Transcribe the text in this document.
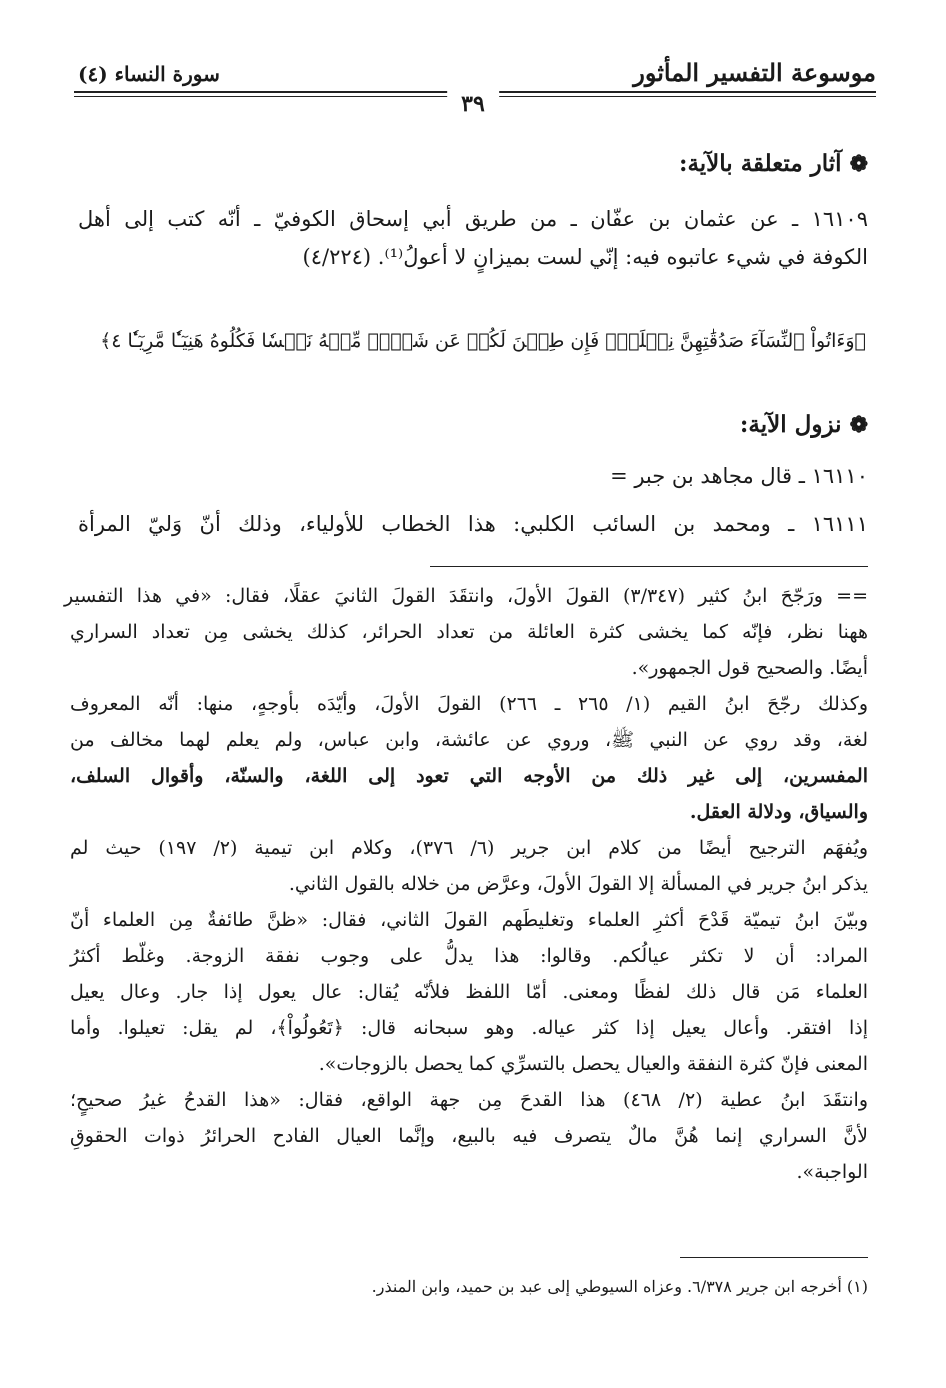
موسوعة التفسير المأثور
سورة النساء (٤)
٣٩
❁آثار متعلقة بالآية:
١٦١٠٩ ـ عن عثمان بن عفّان ـ من طريق أبي إسحاق الكوفيّ ـ أنّه كتب إلى أهل
الكوفة في شيء عاتبوه فيه: إنّي لست بميزانٍ لا أعولُ⁽¹⁾. (٤/٢٢٤)
﴿وَءَاتُواْ ٱلنِّسَآءَ صَدُقَٰتِهِنَّ نِحۡلَةٗۚ فَإِن طِبۡنَ لَكُمۡ عَن شَيۡءٖ مِّنۡهُ نَفۡسٗا فَكُلُوهُ هَنِيٓـٔٗا مَّرِيٓـٔٗا ٤﴾
❁نزول الآية:
١٦١١٠ ـ قال مجاهد بن جبر =
١٦١١١ ـ ومحمد بن السائب الكلبي: هذا الخطاب للأولياء، وذلك أنّ وَليّ المرأة
== ورَجّحَ ابنُ كثير (٣/٣٤٧) القولَ الأولَ، وانتقَدَ القولَ الثانيَ عقلًا، فقال: «في هذا التفسير
ههنا نظر، فإنّه كما يخشى كثرة العائلة من تعداد الحرائر، كذلك يخشى مِن تعداد السراري
أيضًا. والصحيح قول الجمهور».
وكذلك رجّحَ ابنُ القيم (١/ ٢٦٥ ـ ٢٦٦) القولَ الأولَ، وأيّدَه بأوجهٍ، منها: أنّه المعروف
لغة، وقد روي عن النبي ﷺ، وروي عن عائشة، وابن عباس، ولم يعلم لهما مخالف من
المفسرين، إلى غير ذلك من الأوجه التي تعود إلى اللغة، والسنّة، وأقوال السلف،
والسياق، ودلالة العقل.
ويُفهَم الترجيح أيضًا من كلام ابن جرير (٦/ ٣٧٦)، وكلام ابن تيمية (٢/ ١٩٧) حيث لم
يذكر ابنُ جرير في المسألة إلا القولَ الأولَ، وعرَّض من خلاله بالقول الثاني.
وبيّنَ ابنُ تيميّة قَدْحَ أكثرِ العلماء وتغليطَهم القولَ الثاني، فقال: «ظنَّ طائفةٌ مِن العلماء أنّ
المراد: أن لا تكثر عيالُكم. وقالوا: هذا يدلُّ على وجوب نفقة الزوجة. وغلّط أكثرُ
العلماء مَن قال ذلك لفظًا ومعنى. أمّا اللفظ فلأنّه يُقال: عال يعول إذا جار. وعال يعيل
إذا افتقر. وأعال يعيل إذا كثر عياله. وهو سبحانه قال: ﴿تَعُولُواْ﴾، لم يقل: تعيلوا. وأما
المعنى فإنّ كثرة النفقة والعيال يحصل بالتسرِّي كما يحصل بالزوجات».
وانتقَدَ ابنُ عطية (٢/ ٤٦٨) هذا القدحَ مِن جهة الواقع، فقال: «هذا القدحُ غيرُ صحيحٍ؛
لأنَّ السراري إنما هُنَّ مالٌ يتصرف فيه بالبيع، وإنَّما العيال الفادح الحرائرُ ذوات الحقوقِ
الواجبة».
(١) أخرجه ابن جرير ٦/٣٧٨. وعزاه السيوطي إلى عبد بن حميد، وابن المنذر.
